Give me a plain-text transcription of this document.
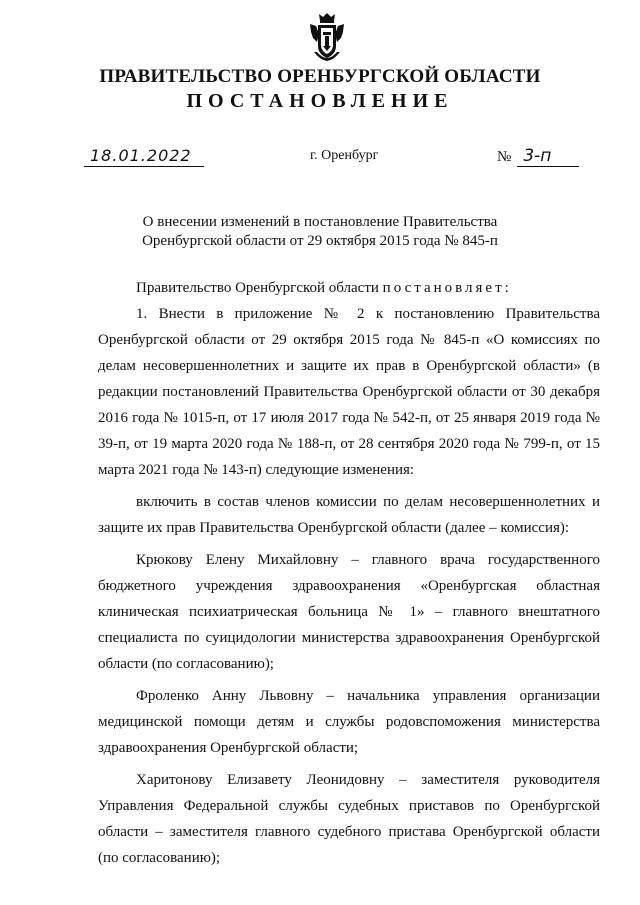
ПРАВИТЕЛЬСТВО ОРЕНБУРГСКОЙ ОБЛАСТИ
ПОСТАНОВЛЕНИЕ
18.01.2022	г. Оренбург	№ 3-п
О внесении изменений в постановление Правительства
Оренбургской области от 29 октября 2015 года № 845-п

Правительство Оренбургской области постановляет:

1. Внести в приложение № 2 к постановлению Правительства Оренбургской области от 29 октября 2015 года № 845-п «О комиссиях по делам несовершеннолетних и защите их прав в Оренбургской области» (в редакции постановлений Правительства Оренбургской области от 30 декабря 2016 года № 1015-п, от 17 июля 2017 года № 542-п, от 25 января 2019 года № 39-п, от 19 марта 2020 года № 188-п, от 28 сентября 2020 года № 799-п, от 15 марта 2021 года № 143-п) следующие изменения:

включить в состав членов комиссии по делам несовершеннолетних и защите их прав Правительства Оренбургской области (далее – комиссия):

Крюкову Елену Михайловну – главного врача государственного бюджетного учреждения здравоохранения «Оренбургская областная клиническая психиатрическая больница № 1» – главного внештатного специалиста по суицидологии министерства здравоохранения Оренбургской области (по согласованию);

Фроленко Анну Львовну – начальника управления организации медицинской помощи детям и службы родовспоможения министерства здравоохранения Оренбургской области;

Харитонову Елизавету Леонидовну – заместителя руководителя Управления Федеральной службы судебных приставов по Оренбургской области – заместителя главного судебного пристава Оренбургской области (по согласованию);
